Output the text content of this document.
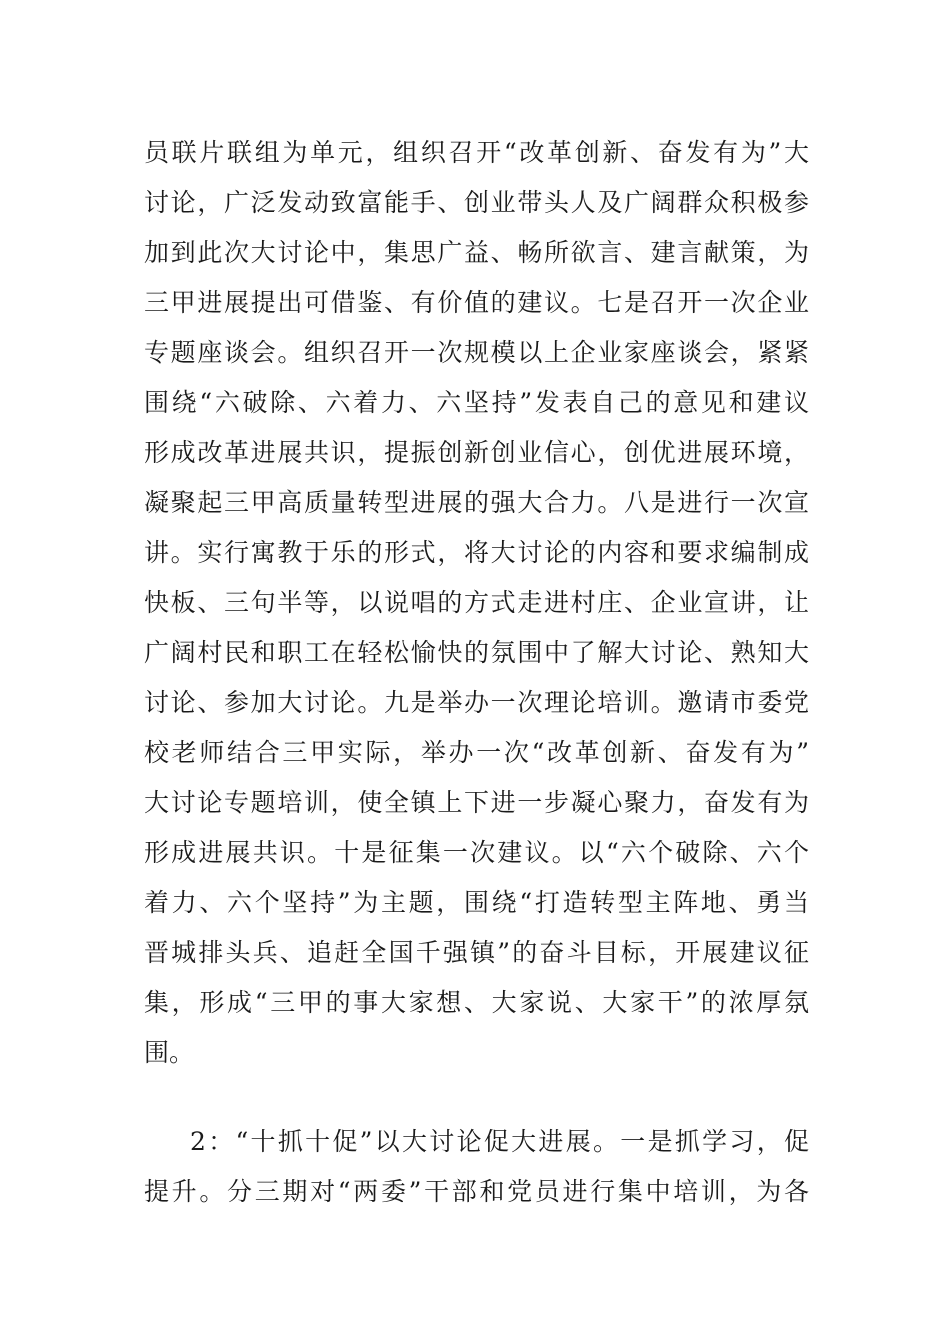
员联片联组为单元，组织召开“改革创新、奋发有为”大
讨论，广泛发动致富能手、创业带头人及广阔群众积极参
加到此次大讨论中，集思广益、畅所欲言、建言献策，为
三甲进展提出可借鉴、有价值的建议。七是召开一次企业
专题座谈会。组织召开一次规模以上企业家座谈会，紧紧
围绕“六破除、六着力、六坚持”发表自己的意见和建议
形成改革进展共识，提振创新创业信心，创优进展环境，
凝聚起三甲高质量转型进展的强大合力。八是进行一次宣
讲。实行寓教于乐的形式，将大讨论的内容和要求编制成
快板、三句半等，以说唱的方式走进村庄、企业宣讲，让
广阔村民和职工在轻松愉快的氛围中了解大讨论、熟知大
讨论、参加大讨论。九是举办一次理论培训。邀请市委党
校老师结合三甲实际，举办一次“改革创新、奋发有为”
大讨论专题培训，使全镇上下进一步凝心聚力，奋发有为
形成进展共识。十是征集一次建议。以“六个破除、六个
着力、六个坚持”为主题，围绕“打造转型主阵地、勇当
晋城排头兵、追赶全国千强镇”的奋斗目标，开展建议征
集，形成“三甲的事大家想、大家说、大家干”的浓厚氛
围。
2：“十抓十促”以大讨论促大进展。一是抓学习，促
提升。分三期对“两委”干部和党员进行集中培训，为各
